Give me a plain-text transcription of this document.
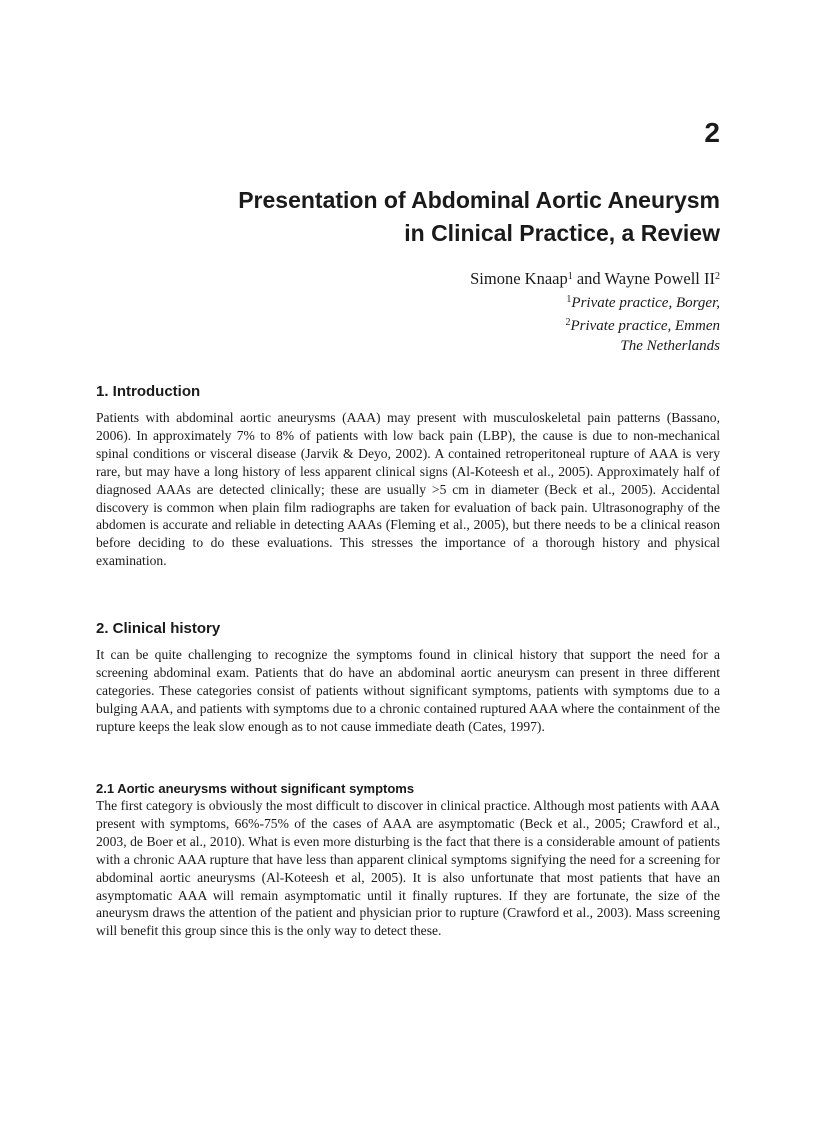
2
Presentation of Abdominal Aortic Aneurysm
in Clinical Practice, a Review
Simone Knaap$^1$ and Wayne Powell $II^2$
$^1$Private practice, Borger,
$^2$Private practice, Emmen
The Netherlands
1. Introduction

Patients with abdominal aortic aneurysms (AAA) may present with musculoskeletal pain patterns (Bassano, 2006). In approximately 7% to 8% of patients with low back pain (LBP), the cause is due to non-mechanical spinal conditions or visceral disease (Jarvik & Deyo, 2002). A contained retroperitoneal rupture of AAA is very rare, but may have a long history of less apparent clinical signs (Al-Koteesh et al., 2005). Approximately half of diagnosed AAAs are detected clinically; these are usually >5 cm in diameter (Beck et al., 2005). Accidental discovery is common when plain film radiographs are taken for evaluation of back pain. Ultrasonography of the abdomen is accurate and reliable in detecting AAAs (Fleming et al., 2005), but there needs to be a clinical reason before deciding to do these evaluations. This stresses the importance of a thorough history and physical examination.

2. Clinical history

It can be quite challenging to recognize the symptoms found in clinical history that support the need for a screening abdominal exam. Patients that do have an abdominal aortic aneurysm can present in three different categories. These categories consist of patients without significant symptoms, patients with symptoms due to a bulging AAA, and patients with symptoms due to a chronic contained ruptured AAA where the containment of the rupture keeps the leak slow enough as to not cause immediate death (Cates, 1997).

2.1 Aortic aneurysms without significant symptoms

The first category is obviously the most difficult to discover in clinical practice. Although most patients with AAA present with symptoms, 66%-75% of the cases of AAA are asymptomatic (Beck et al., 2005; Crawford et al., 2003, de Boer et al., 2010). What is even more disturbing is the fact that there is a considerable amount of patients with a chronic AAA rupture that have less than apparent clinical symptoms signifying the need for a screening for abdominal aortic aneurysms (Al-Koteesh et al, 2005). It is also unfortunate that most patients that have an asymptomatic AAA will remain asymptomatic until it finally ruptures. If they are fortunate, the size of the aneurysm draws the attention of the patient and physician prior to rupture (Crawford et al., 2003). Mass screening will benefit this group since this is the only way to detect these.
